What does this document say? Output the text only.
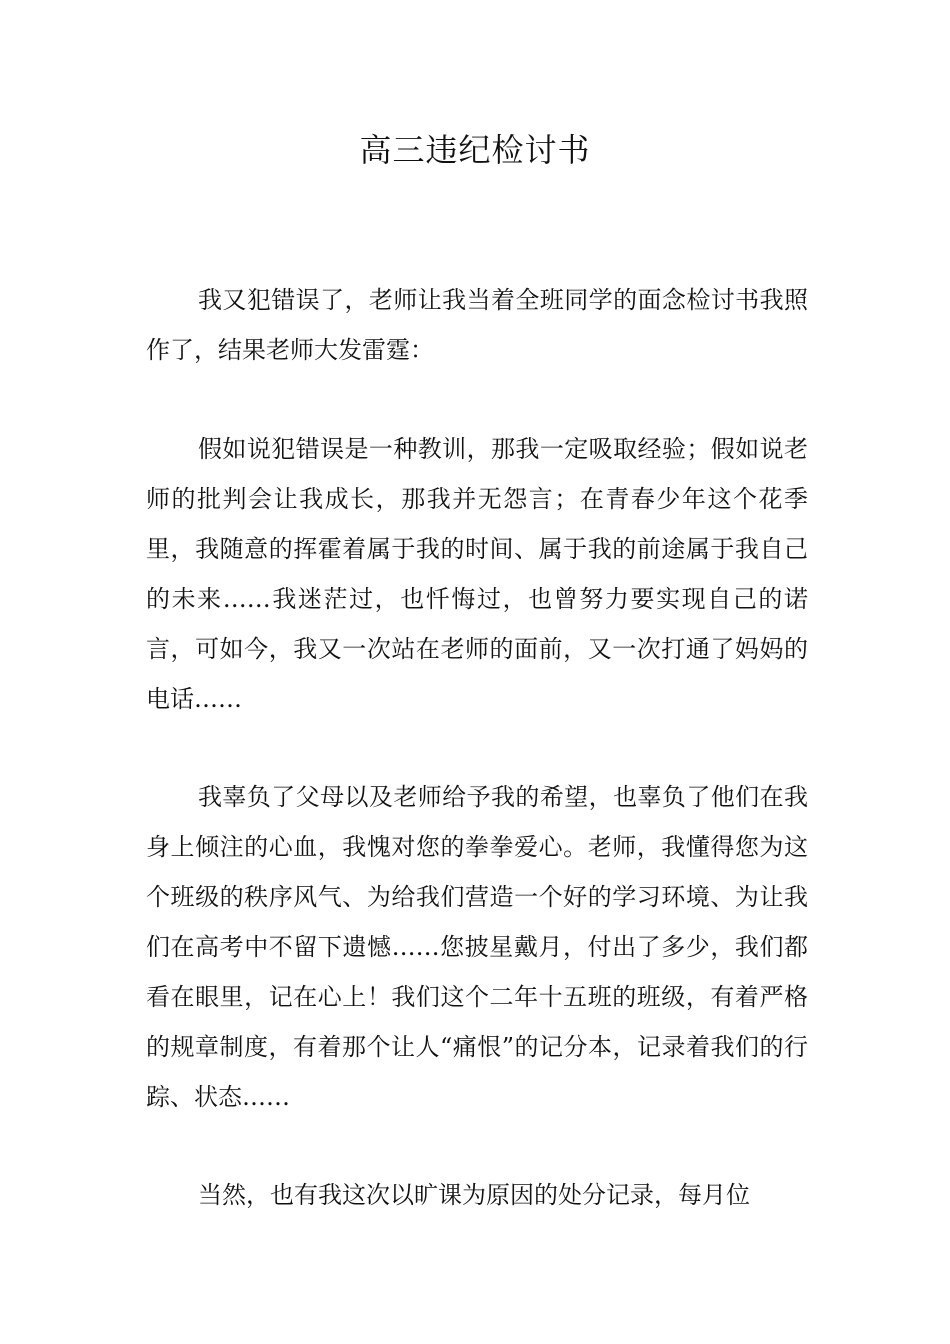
高三违纪检讨书

我又犯错误了，老师让我当着全班同学的面念检讨书我照作了，结果老师大发雷霆：

假如说犯错误是一种教训，那我一定吸取经验；假如说老师的批判会让我成长，那我并无怨言；在青春少年这个花季里，我随意的挥霍着属于我的时间、属于我的前途属于我自己的未来……我迷茫过，也忏悔过，也曾努力要实现自己的诺言，可如今，我又一次站在老师的面前，又一次打通了妈妈的电话……

我辜负了父母以及老师给予我的希望，也辜负了他们在我身上倾注的心血，我愧对您的拳拳爱心。老师，我懂得您为这个班级的秩序风气、为给我们营造一个好的学习环境、为让我们在高考中不留下遗憾……您披星戴月，付出了多少，我们都看在眼里，记在心上！我们这个二年十五班的班级，有着严格的规章制度，有着那个让人“痛恨”的记分本，记录着我们的行踪、状态……

当然，也有我这次以旷课为原因的处分记录，每月位
